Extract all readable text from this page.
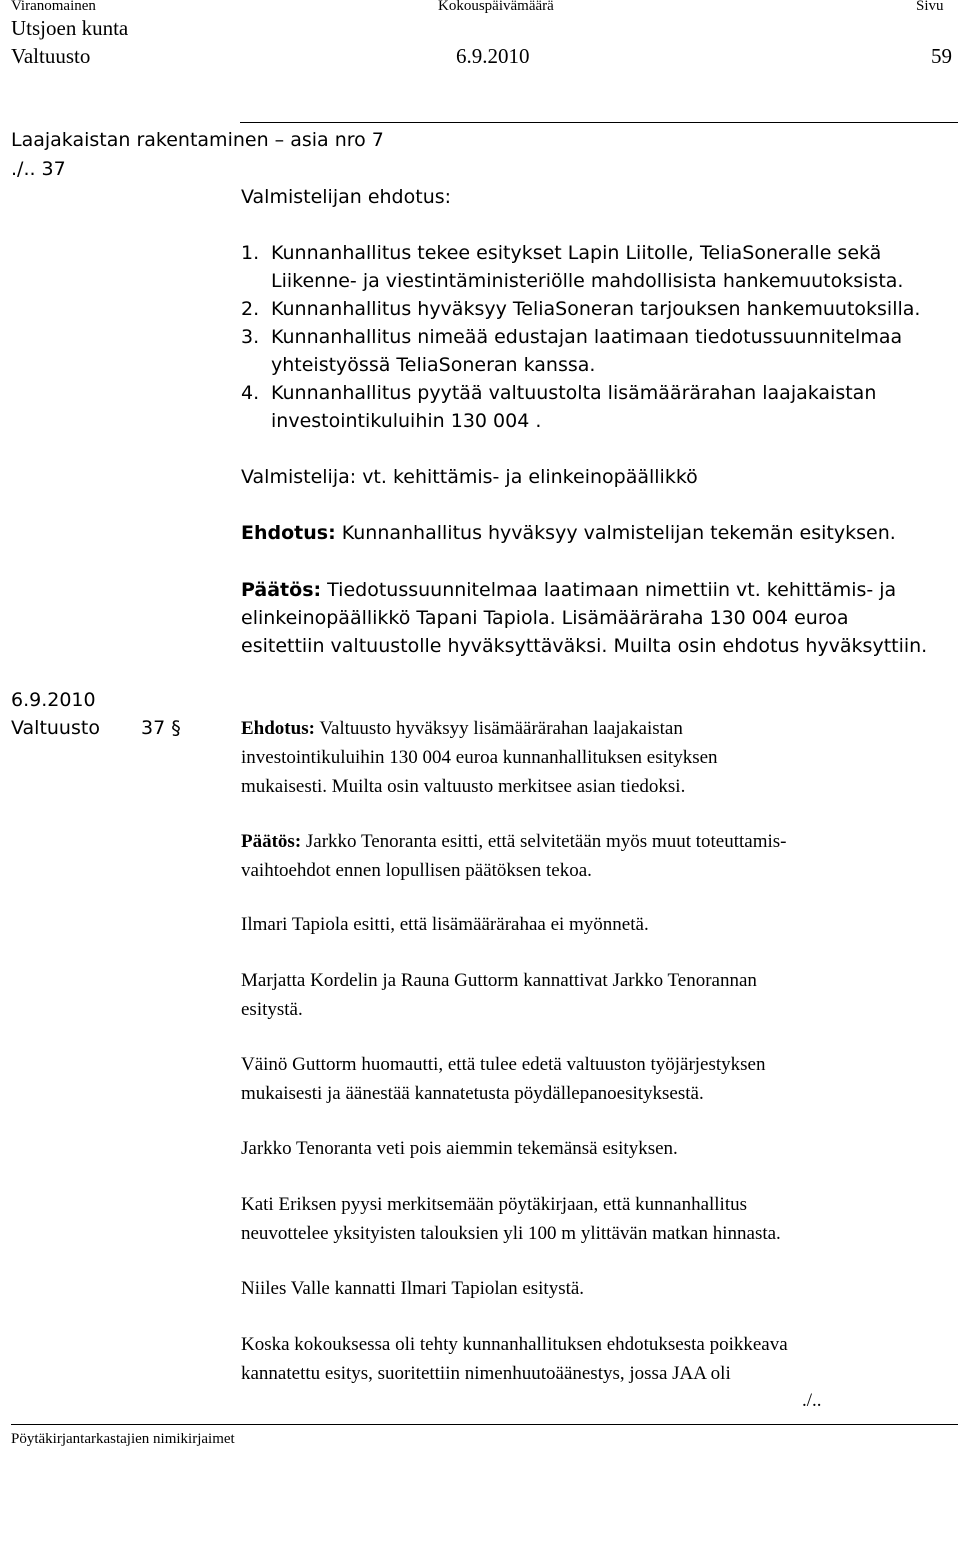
Viranomainen	Kokouspäivämäärä	Sivu
Utsjoen kunta
Valtuusto	6.9.2010	59
Laajakaistan rakentaminen – asia nro 7
./.. 37
Valmistelijan ehdotus:
1. Kunnanhallitus tekee esitykset Lapin Liitolle, TeliaSoneralle sekä
Liikenne- ja viestintäministeriölle mahdollisista hankemuutoksista.
2. Kunnanhallitus hyväksyy TeliaSoneran tarjouksen hankemuutoksilla.
3. Kunnanhallitus nimeää edustajan laatimaan tiedotussuunnitelmaa
yhteistyössä TeliaSoneran kanssa.
4. Kunnanhallitus pyytää valtuustolta lisämäärärahan laajakaistan
investointikuluihin 130 004 .
Valmistelija: vt. kehittämis- ja elinkeinopäällikkö
Ehdotus: Kunnanhallitus hyväksyy valmistelijan tekemän esityksen.
Päätös: Tiedotussuunnitelmaa laatimaan nimettiin vt. kehittämis- ja
elinkeinopäällikkö Tapani Tapiola. Lisämääräraha 130 004 euroa
esitettiin valtuustolle hyväksyttäväksi. Muilta osin ehdotus hyväksyttiin.
6.9.2010
Valtuusto 37 §	Ehdotus: Valtuusto hyväksyy lisämäärärahan laajakaistan
investointikuluihin 130 004 euroa kunnanhallituksen esityksen
mukaisesti. Muilta osin valtuusto merkitsee asian tiedoksi.
Päätös: Jarkko Tenoranta esitti, että selvitetään myös muut toteuttamis-
vaihtoehdot ennen lopullisen päätöksen tekoa.
Ilmari Tapiola esitti, että lisämäärärahaa ei myönnetä.
Marjatta Kordelin ja Rauna Guttorm kannattivat Jarkko Tenorannan
esitystä.
Väinö Guttorm huomautti, että tulee edetä valtuuston työjärjestyksen
mukaisesti ja äänestää kannatetusta pöydällepanoesityksestä.
Jarkko Tenoranta veti pois aiemmin tekemänsä esityksen.
Kati Eriksen pyysi merkitsemään pöytäkirjaan, että kunnanhallitus
neuvottelee yksityisten talouksien yli 100 m ylittävän matkan hinnasta.
Niiles Valle kannatti Ilmari Tapiolan esitystä.
Koska kokouksessa oli tehty kunnanhallituksen ehdotuksesta poikkeava
kannatettu esitys, suoritettiin nimenhuutoäänestys, jossa JAA oli
./..
Pöytäkirjantarkastajien nimikirjaimet
